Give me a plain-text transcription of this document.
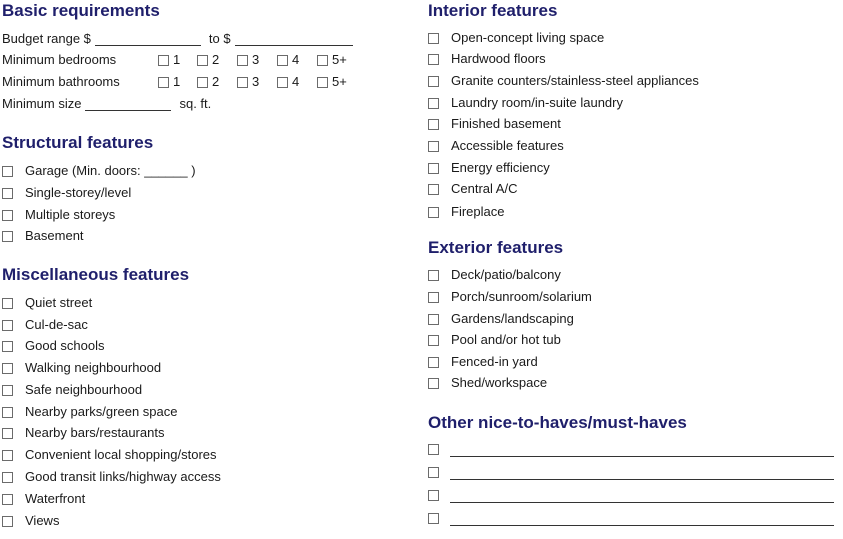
Basic requirements
Budget range $	to $
Minimum bedrooms	1 2	3	4	5+
Minimum bathrooms	1 2	3	4	5+
Minimum size	sq. ft.
Structural features
Garage (Min. doors: ______ )
Single-storey/level
Multiple storeys
Basement
Miscellaneous features
Quiet street
Cul-de-sac
Good schools
Walking neighbourhood
Safe neighbourhood
Nearby parks/green space
Nearby bars/restaurants
Convenient local shopping/stores
Good transit links/highway access
Waterfront
Views
Interior features
Open-concept living space
Hardwood floors
Granite counters/stainless-steel appliances
Laundry room/in-suite laundry
Finished basement
Accessible features
Energy efficiency
Central A/C
Fireplace
Exterior features
Deck/patio/balcony
Porch/sunroom/solarium
Gardens/landscaping
Pool and/or hot tub
Fenced-in yard
Shed/workspace
Other nice-to-haves/must-haves
